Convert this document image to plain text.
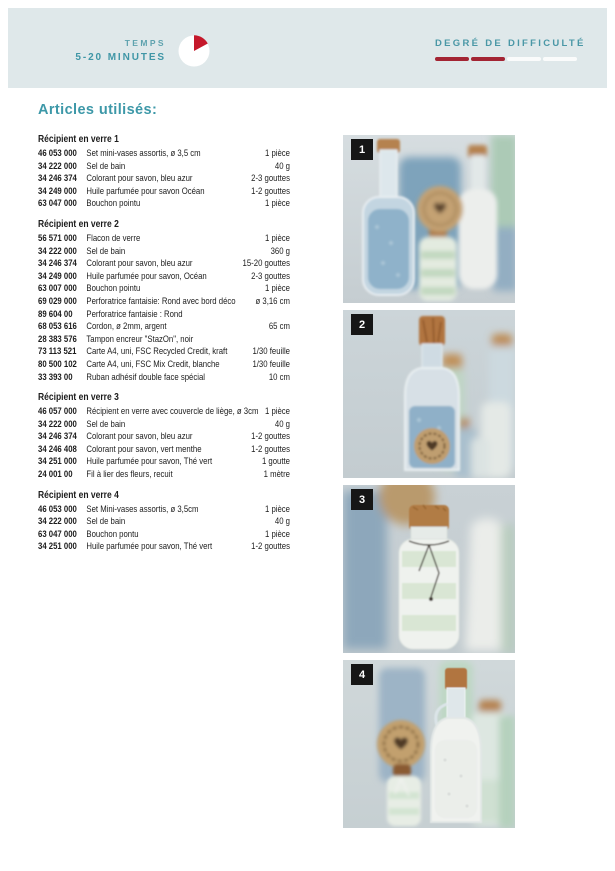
TEMPS
5-20 MINUTES
DEGRÉ DE DIFFICULTÉ
Articles utilisés:
Récipient en verre 1
46 053 000	Set mini-vases assortis, ø 3,5 cm	1 pièce
34 222 000	Sel de bain	40 g
34 246 374	Colorant pour savon, bleu azur	2-3 gouttes
34 249 000	Huile parfumée pour savon Océan	1-2 gouttes
63 047 000	Bouchon pointu	1 pièce
Récipient en verre 2
56 571 000	Flacon de verre	1 pièce
34 222 000	Sel de bain	360 g
34 246 374	Colorant pour savon, bleu azur	15-20 gouttes
34 249 000	Huile parfumée pour savon, Océan	2-3 gouttes
63 007 000	Bouchon pointu	1 pièce
69 029 000	Perforatrice fantaisie: Rond avec bord déco	ø 3,16 cm
89 604 00	Perforatrice fantaisie : Rond
68 053 616	Cordon, ø 2mm, argent	65 cm
28 383 576	Tampon encreur "StazOn", noir
73 113 521	Carte A4, uni, FSC Recycled Credit, kraft	1/30 feuille
80 500 102	Carte A4, uni, FSC Mix Credit, blanche	1/30 feuille
33 393 00	Ruban adhésif double face spécial	10 cm
Récipient en verre 3
46 057 000	Récipient en verre avec couvercle de liège, ø 3cm 1 pièce
34 222 000	Sel de bain	40 g
34 246 374	Colorant pour savon, bleu azur	1-2 gouttes
34 246 408	Colorant pour savon, vert menthe	1-2 gouttes
34 251 000	Huile parfumée pour savon, Thé vert	1 goutte
24 001 00	Fil à lier des fleurs, recuit	1 mètre
Récipient en verre 4
46 053 000	Set Mini-vases assortis, ø 3,5cm	1 pièce
34 222 000	Sel de bain	40 g
63 047 000	Bouchon pontu	1 pièce
34 251 000	Huile parfumée pour savon, Thé vert	1-2 gouttes
1
2
3
4
